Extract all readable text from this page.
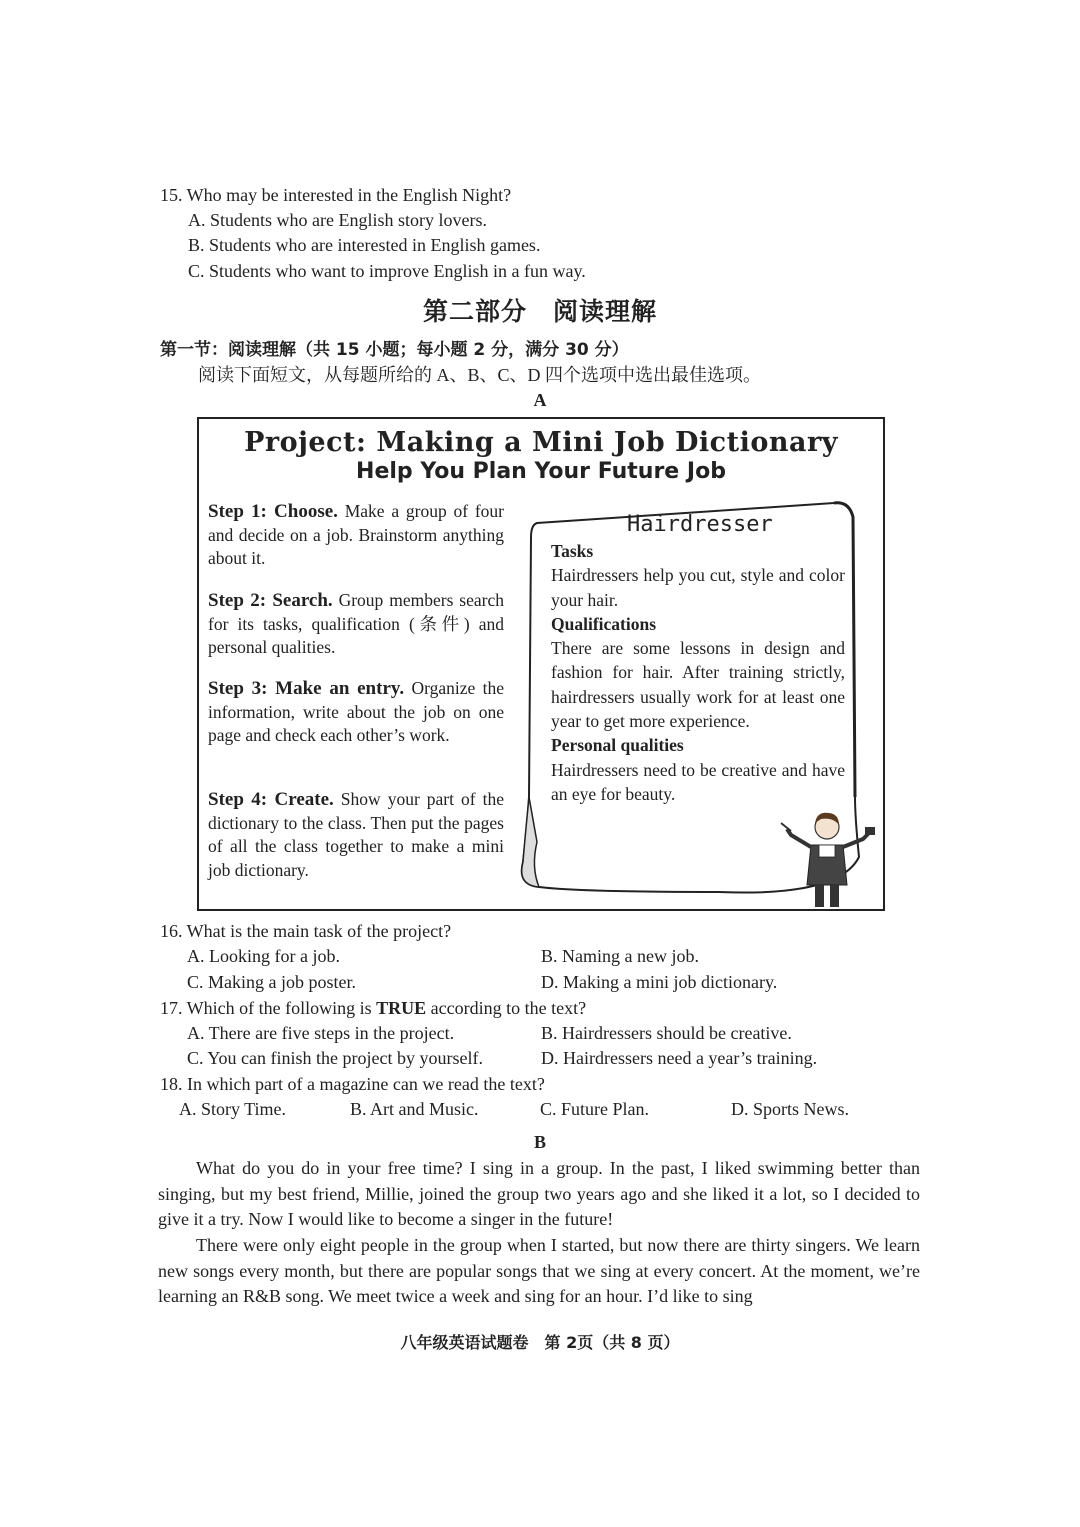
15. Who may be interested in the English Night?
A. Students who are English story lovers.
B. Students who are interested in English games.
C. Students who want to improve English in a fun way.
第二部分　阅读理解
第一节：阅读理解（共 15 小题；每小题 2 分，满分 30 分）
阅读下面短文，从每题所给的 A、B、C、D 四个选项中选出最佳选项。
A
Project: Making a Mini Job Dictionary
Help You Plan Your Future Job
Step 1: Choose. Make a group of four and decide on a job. Brainstorm anything about it.
Step 2: Search. Group members search for its tasks, qualification (条件) and personal qualities.
Step 3: Make an entry. Organize the information, write about the job on one page and check each other’s work.
Step 4: Create. Show your part of the dictionary to the class. Then put the pages of all the class together to make a mini job dictionary.
Hairdresser
Tasks
Hairdressers help you cut, style and color your hair.
Qualifications
There are some lessons in design and fashion for hair. After training strictly, hairdressers usually work for at least one year to get more experience.
Personal qualities
Hairdressers need to be creative and have an eye for beauty.
16. What is the main task of the project?
A. Looking for a job.	B. Naming a new job.
C. Making a job poster.	D. Making a mini job dictionary.
17. Which of the following is TRUE according to the text?
A. There are five steps in the project.	B. Hairdressers should be creative.
C. You can finish the project by yourself.	D. Hairdressers need a year’s training.
18. In which part of a magazine can we read the text?
A. Story Time.	B. Art and Music.	C. Future Plan.	D. Sports News.
B
What do you do in your free time? I sing in a group. In the past, I liked swimming better than singing, but my best friend, Millie, joined the group two years ago and she liked it a lot, so I decided to give it a try. Now I would like to become a singer in the future!
There were only eight people in the group when I started, but now there are thirty singers. We learn new songs every month, but there are popular songs that we sing at every concert. At the moment, we’re learning an R&B song. We meet twice a week and sing for an hour. I’d like to sing
八年级英语试题卷　第 2页（共 8 页）
